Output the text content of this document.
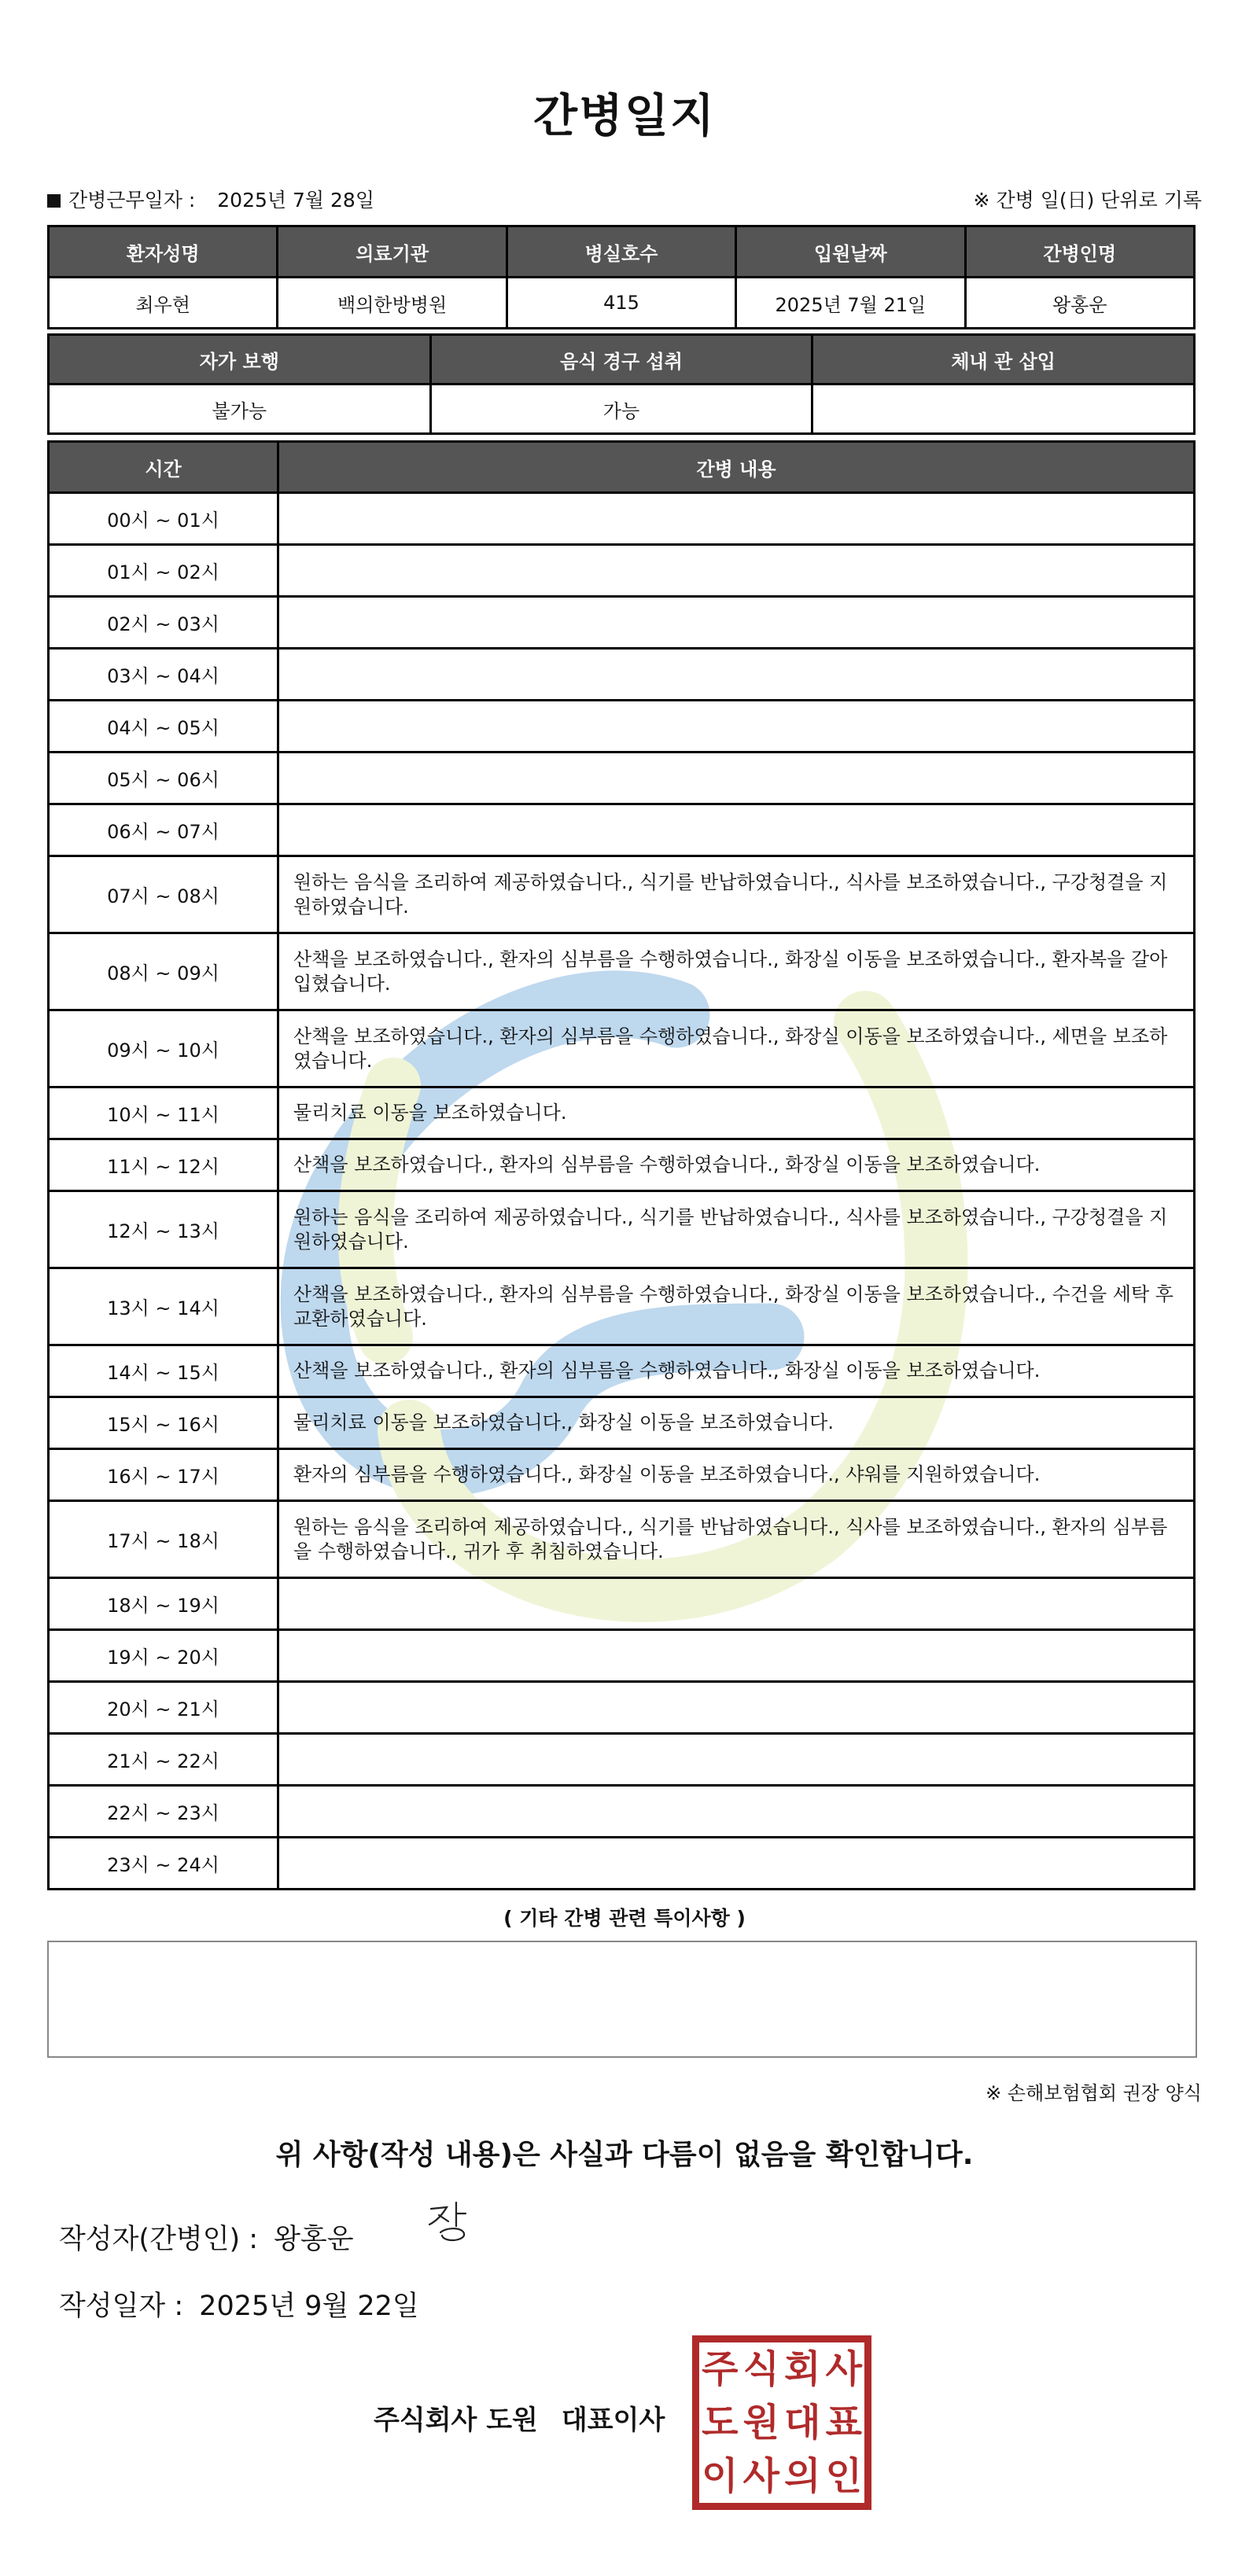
간병일지
간병근무일자 : 2025년 7월 28일	※ 간병 일(日) 단위로 기록
환자성명	의료기관	병실호수	입원날짜	간병인명
최우현	백의한방병원	415	2025년 7월 21일	왕홍운
자가 보행	음식 경구 섭취	체내 관 삽입
불가능	가능	
시간	간병 내용
00시 ~ 01시	
01시 ~ 02시	
02시 ~ 03시	
03시 ~ 04시	
04시 ~ 05시	
05시 ~ 06시	
06시 ~ 07시	
07시 ~ 08시	원하는 음식을 조리하여 제공하였습니다., 식기를 반납하였습니다., 식사를 보조하였습니다., 구강청결을 지원하였습니다.
08시 ~ 09시	산책을 보조하였습니다., 환자의 심부름을 수행하였습니다., 화장실 이동을 보조하였습니다., 환자복을 갈아입혔습니다.
09시 ~ 10시	산책을 보조하였습니다., 환자의 심부름을 수행하였습니다., 화장실 이동을 보조하였습니다., 세면을 보조하였습니다.
10시 ~ 11시	물리치료 이동을 보조하였습니다.
11시 ~ 12시	산책을 보조하였습니다., 환자의 심부름을 수행하였습니다., 화장실 이동을 보조하였습니다.
12시 ~ 13시	원하는 음식을 조리하여 제공하였습니다., 식기를 반납하였습니다., 식사를 보조하였습니다., 구강청결을 지원하였습니다.
13시 ~ 14시	산책을 보조하였습니다., 환자의 심부름을 수행하였습니다., 화장실 이동을 보조하였습니다., 수건을 세탁 후 교환하였습니다.
14시 ~ 15시	산책을 보조하였습니다., 환자의 심부름을 수행하였습니다., 화장실 이동을 보조하였습니다.
15시 ~ 16시	물리치료 이동을 보조하였습니다., 화장실 이동을 보조하였습니다.
16시 ~ 17시	환자의 심부름을 수행하였습니다., 화장실 이동을 보조하였습니다., 샤워를 지원하였습니다.
17시 ~ 18시	원하는 음식을 조리하여 제공하였습니다., 식기를 반납하였습니다., 식사를 보조하였습니다., 환자의 심부름을 수행하였습니다., 귀가 후 취침하였습니다.
18시 ~ 19시	
19시 ~ 20시	
20시 ~ 21시	
21시 ~ 22시	
22시 ~ 23시	
23시 ~ 24시	
( 기타 간병 관련 특이사항 )
※ 손해보험협회 권장 양식
위 사항(작성 내용)은 사실과 다름이 없음을 확인합니다.
작성자(간병인) : 왕홍운
작성일자 : 2025년 9월 22일
주식회사 도원 대표이사
주 식 회 사
도 원 대 표
이 사 의 인
